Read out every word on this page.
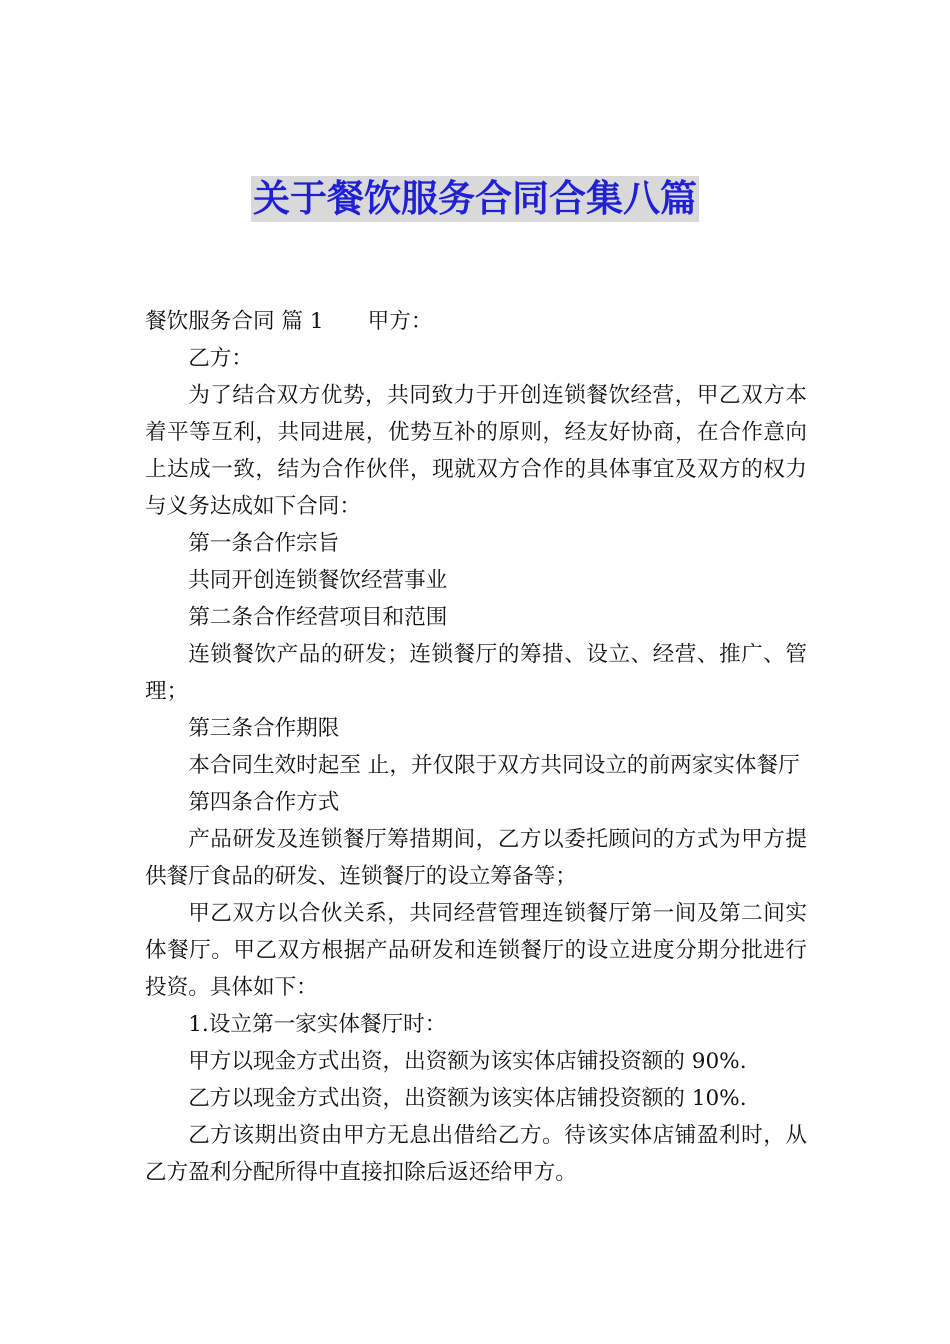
关于餐饮服务合同合集八篇

餐饮服务合同 篇 1 甲方：

乙方：

为了结合双方优势，共同致力于开创连锁餐饮经营，甲乙双方本着平等互利，共同进展，优势互补的原则，经友好协商，在合作意向上达成一致，结为合作伙伴，现就双方合作的具体事宜及双方的权力与义务达成如下合同：

第一条合作宗旨

共同开创连锁餐饮经营事业

第二条合作经营项目和范围

连锁餐饮产品的研发；连锁餐厅的筹措、设立、经营、推广、管理；

第三条合作期限

本合同生效时起至 止，并仅限于双方共同设立的前两家实体餐厅

第四条合作方式

产品研发及连锁餐厅筹措期间，乙方以委托顾问的方式为甲方提供餐厅食品的研发、连锁餐厅的设立筹备等；

甲乙双方以合伙关系，共同经营管理连锁餐厅第一间及第二间实体餐厅。甲乙双方根据产品研发和连锁餐厅的设立进度分期分批进行投资。具体如下：

1.设立第一家实体餐厅时：

甲方以现金方式出资，出资额为该实体店铺投资额的 90%.

乙方以现金方式出资，出资额为该实体店铺投资额的 10%.

乙方该期出资由甲方无息出借给乙方。待该实体店铺盈利时，从乙方盈利分配所得中直接扣除后返还给甲方。
